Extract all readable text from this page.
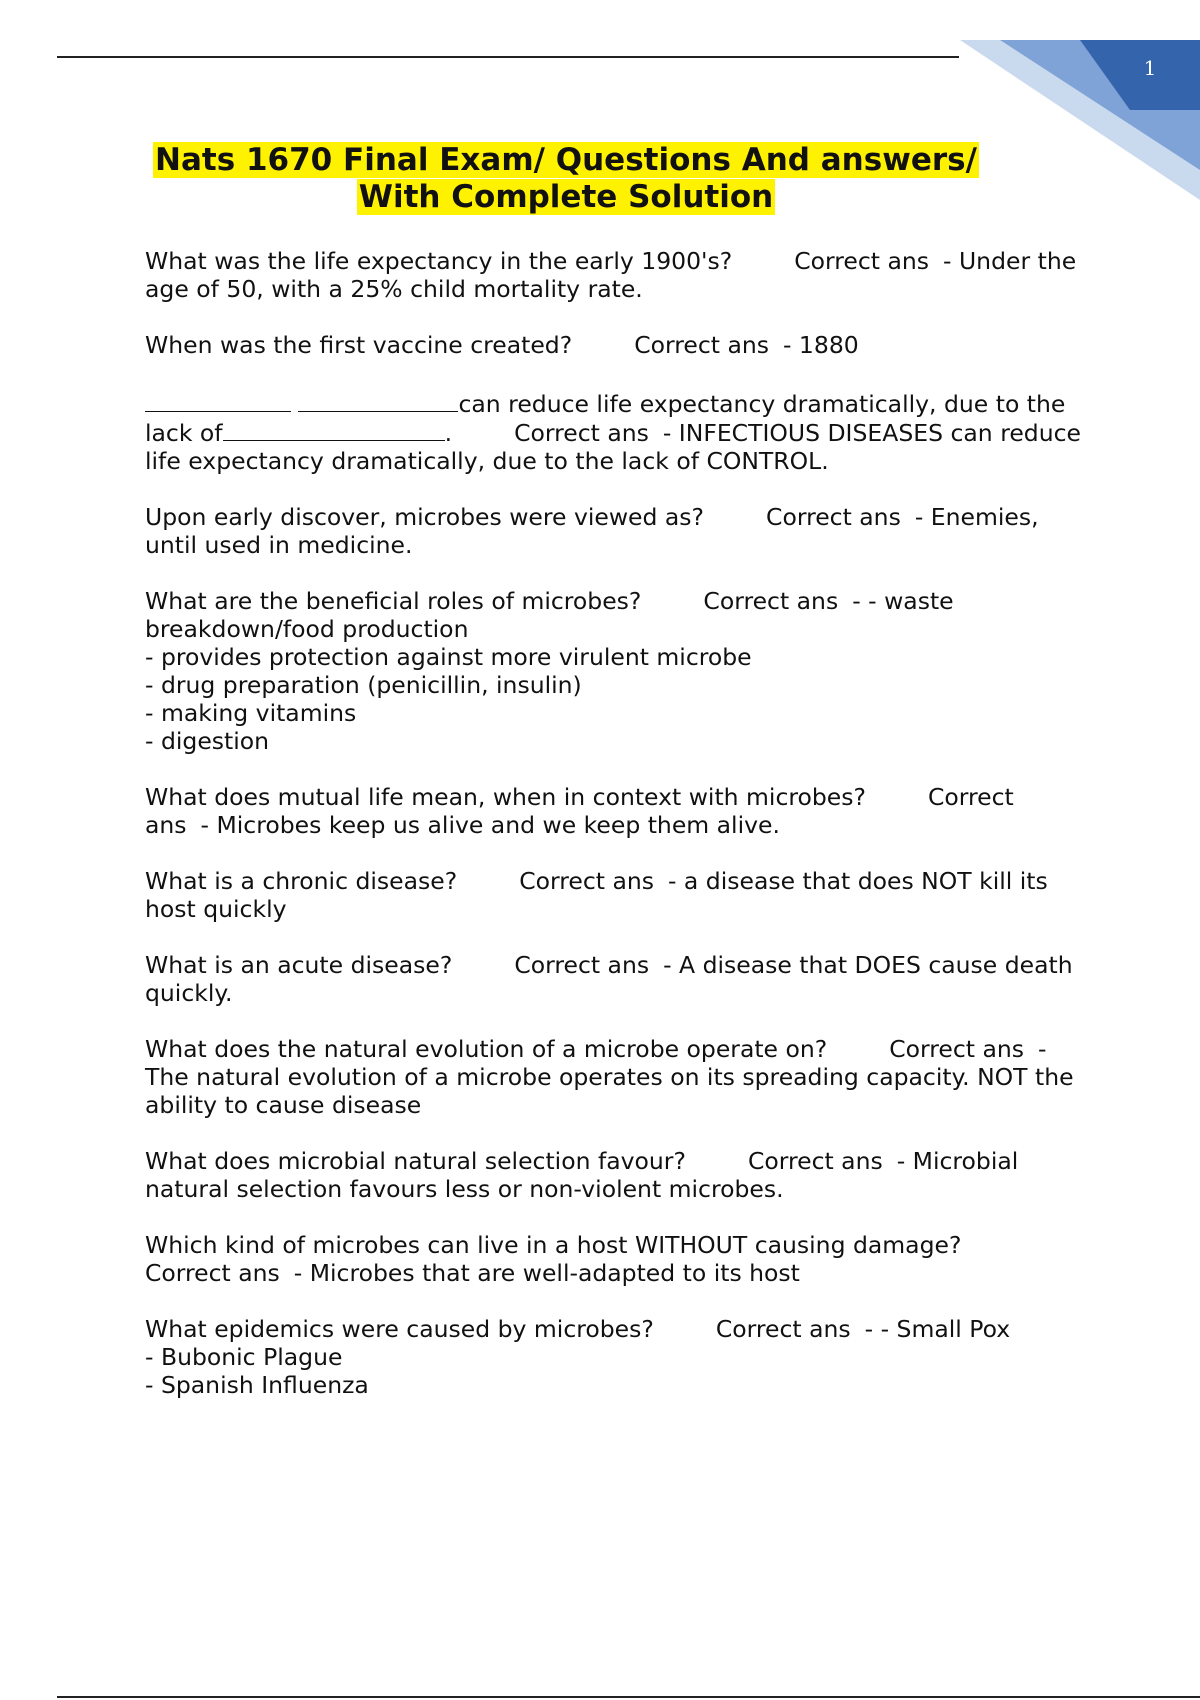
1
Nats 1670 Final Exam/ Questions And answers/
With Complete Solution
What was the life expectancy in the early 1900's?	Correct ans - Under the age of 50, with a 25% child mortality rate.
When was the first vaccine created?	Correct ans - 1880
can reduce life expectancy dramatically, due to the
lack of	.	Correct ans - INFECTIOUS DISEASES can reduce life expectancy dramatically, due to the lack of CONTROL.
Upon early discover, microbes were viewed as?	Correct ans - Enemies, until used in medicine.
What are the beneficial roles of microbes?	Correct ans - - waste
breakdown/food production
- provides protection against more virulent microbe
- drug preparation (penicillin, insulin)
- making vitamins
- digestion
What does mutual life mean, when in context with microbes?	Correct
ans - Microbes keep us alive and we keep them alive.
What is a chronic disease?	Correct ans - a disease that does NOT kill its host quickly
What is an acute disease?	Correct ans - A disease that DOES cause death quickly.
What does the natural evolution of a microbe operate on?	Correct ans - The natural evolution of a microbe operates on its spreading capacity. NOT the ability to cause disease
What does microbial natural selection favour?	Correct ans - Microbial natural selection favours less or non-violent microbes.
Which kind of microbes can live in a host WITHOUT causing damage?
Correct ans - Microbes that are well-adapted to its host
What epidemics were caused by microbes?	Correct ans - - Small Pox
- Bubonic Plague
- Spanish Influenza
